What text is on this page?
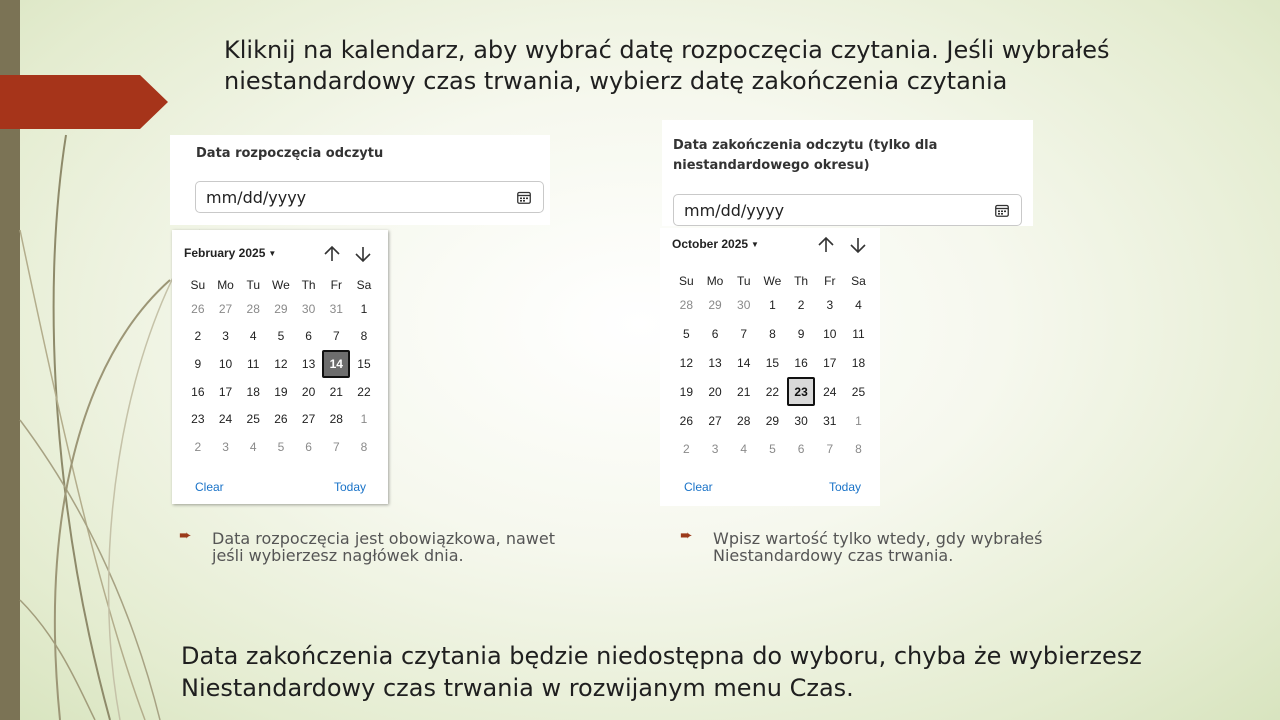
Kliknij na kalendarz, aby wybrać datę rozpoczęcia czytania. Jeśli wybrałeś niestandardowy czas trwania, wybierz datę zakończenia czytania
Data rozpoczęcia odczytu
mm/dd/yyyy
February 2025 ▼
Su	Mo	Tu	We Th	Fr	Sa
26	27	28	29	30	31	1
2	3	4	5	6	7	8
9	10	11	12	13	14	15
16	17	18	19	20	21	22
23	24	25	26	27	28	1
2	3	4	5	6	7	8
Clear	Today
Data zakończenia odczytu (tylko dla niestandardowego okresu)
mm/dd/yyyy
October 2025 ▼
Su	Mo	Tu	We	Th	Fr	Sa
28	29	30	1	2	3	4
5	6	7	8	9	10	11
12	13	14	15	16	17	18
19	20	21	22	23	24	25
26	27	28	29	30	31	1
2	3	4	5	6	7	8
Clear	Today
➨ Data rozpoczęcia jest obowiązkowa, nawet jeśli wybierzesz nagłówek dnia.
➨ Wpisz wartość tylko wtedy, gdy wybrałeś Niestandardowy czas trwania.
Data zakończenia czytania będzie niedostępna do wyboru, chyba że wybierzesz Niestandardowy czas trwania w rozwijanym menu Czas.
